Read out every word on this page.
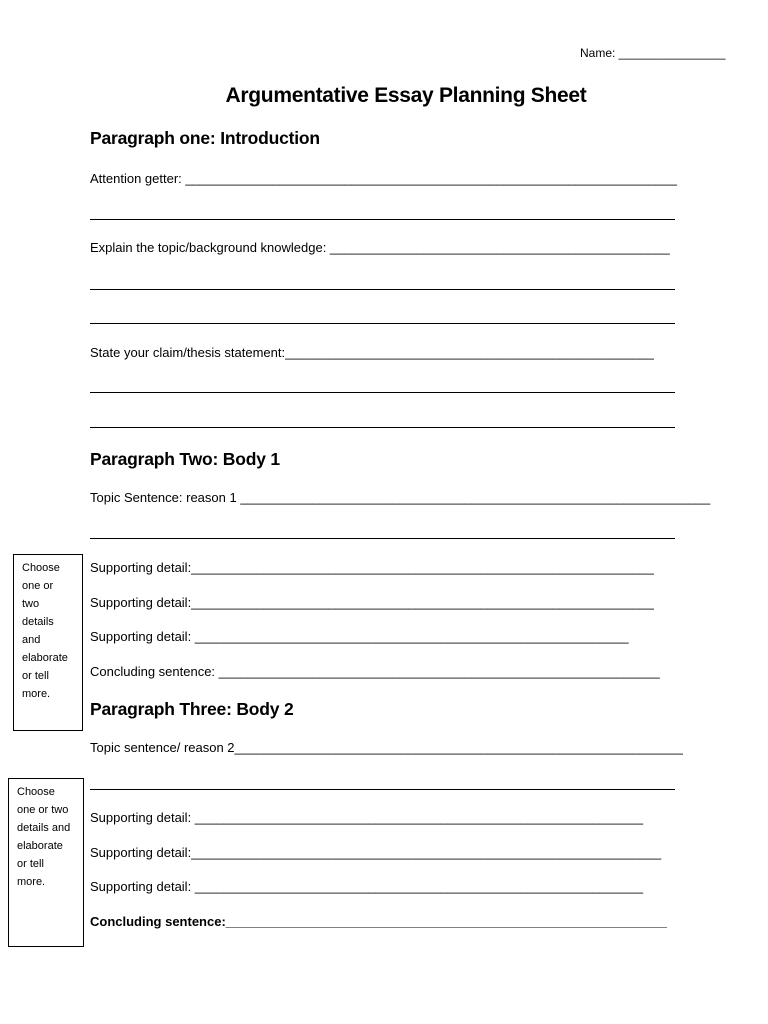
Name: ________________
Argumentative Essay Planning Sheet
Paragraph one: Introduction
Attention getter: ____________________________________________________________________
Explain the topic/background knowledge: _______________________________________________
State your claim/thesis statement:___________________________________________________
Paragraph Two: Body 1
Topic Sentence: reason 1 _________________________________________________________________
Supporting detail:________________________________________________________________
Supporting detail:________________________________________________________________
Supporting detail: ____________________________________________________________
Concluding sentence: _____________________________________________________________
Choose
one or
two
details
and
elaborate
or tell
more.
Paragraph Three: Body 2
Topic sentence/ reason 2______________________________________________________________
Supporting detail: ______________________________________________________________
Supporting detail:_________________________________________________________________
Supporting detail: ______________________________________________________________
Concluding sentence:_____________________________________________________________
Choose
one or two
details and
elaborate
or tell
more.
